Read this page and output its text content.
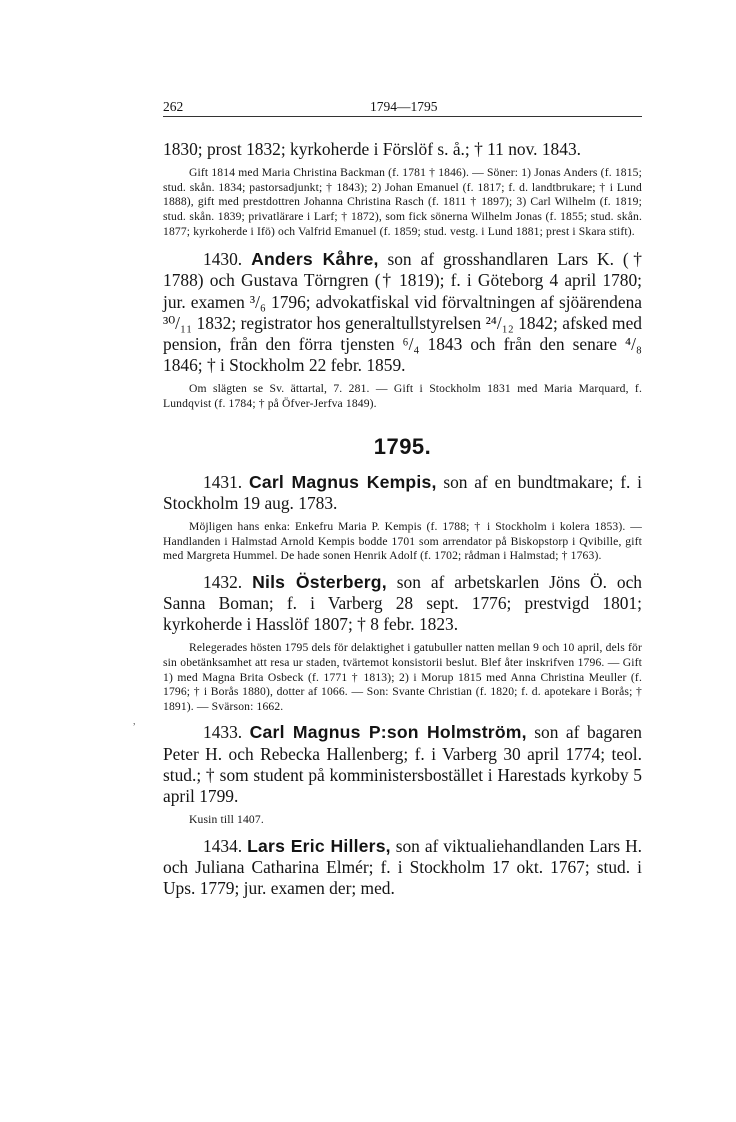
262	1794—1795

1830; prost 1832; kyrkoherde i Förslöf s. å.; † 11 nov. 1843.

Gift 1814 med Maria Christina Backman (f. 1781 † 1846). — Söner: 1) Jonas Anders (f. 1815; stud. skån. 1834; pastorsadjunkt; † 1843); 2) Johan Emanuel (f. 1817; f. d. landtbrukare; † i Lund 1888), gift med prestdottren Johanna Christina Rasch (f. 1811 † 1897); 3) Carl Wilhelm (f. 1819; stud. skån. 1839; privatlärare i Larf; † 1872), som fick sönerna Wilhelm Jonas (f. 1855; stud. skån. 1877; kyrkoherde i Ifö) och Valfrid Emanuel (f. 1859; stud. vestg. i Lund 1881; prest i Skara stift).

1430. Anders Kåhre, son af grosshandlaren Lars K. († 1788) och Gustava Törngren († 1819); f. i Göteborg 4 april 1780; jur. examen ³/₆ 1796; advokatfiskal vid förvaltningen af sjöärendena ³⁰/₁₁ 1832; registrator hos generaltullstyrelsen ²⁴/₁₂ 1842; afsked med pension, från den förra tjensten ⁶/₄ 1843 och från den senare ⁴/₈ 1846; † i Stockholm 22 febr. 1859.

Om slägten se Sv. ättartal, 7. 281. — Gift i Stockholm 1831 med Maria Marquard, f. Lundqvist (f. 1784; † på Öfver-Jerfva 1849).

1795.

1431. Carl Magnus Kempis, son af en bundtmakare; f. i Stockholm 19 aug. 1783.

Möjligen hans enka: Enkefru Maria P. Kempis (f. 1788; † i Stockholm i kolera 1853). — Handlanden i Halmstad Arnold Kempis bodde 1701 som arrendator på Biskopstorp i Qvibille, gift med Margreta Hummel. De hade sonen Henrik Adolf (f. 1702; rådman i Halmstad; † 1763).

1432. Nils Österberg, son af arbetskarlen Jöns Ö. och Sanna Boman; f. i Varberg 28 sept. 1776; prestvigd 1801; kyrkoherde i Hasslöf 1807; † 8 febr. 1823.

Relegerades hösten 1795 dels för delaktighet i gatubuller natten mellan 9 och 10 april, dels för sin obetänksamhet att resa ur staden, tvärtemot konsistorii beslut. Blef åter inskrifven 1796. — Gift 1) med Magna Brita Osbeck (f. 1771 † 1813); 2) i Morup 1815 med Anna Christina Meuller (f. 1796; † i Borås 1880), dotter af 1066. — Son: Svante Christian (f. 1820; f. d. apotekare i Borås; † 1891). — Svärson: 1662.

1433. Carl Magnus P:son Holmström, son af bagaren Peter H. och Rebecka Hallenberg; f. i Varberg 30 april 1774; teol. stud.; † som student på komministersbostället i Harestads kyrkoby 5 april 1799.

Kusin till 1407.

1434. Lars Eric Hillers, son af viktualiehandlanden Lars H. och Juliana Catharina Elmér; f. i Stockholm 17 okt. 1767; stud. i Ups. 1779; jur. examen der; med.

,
